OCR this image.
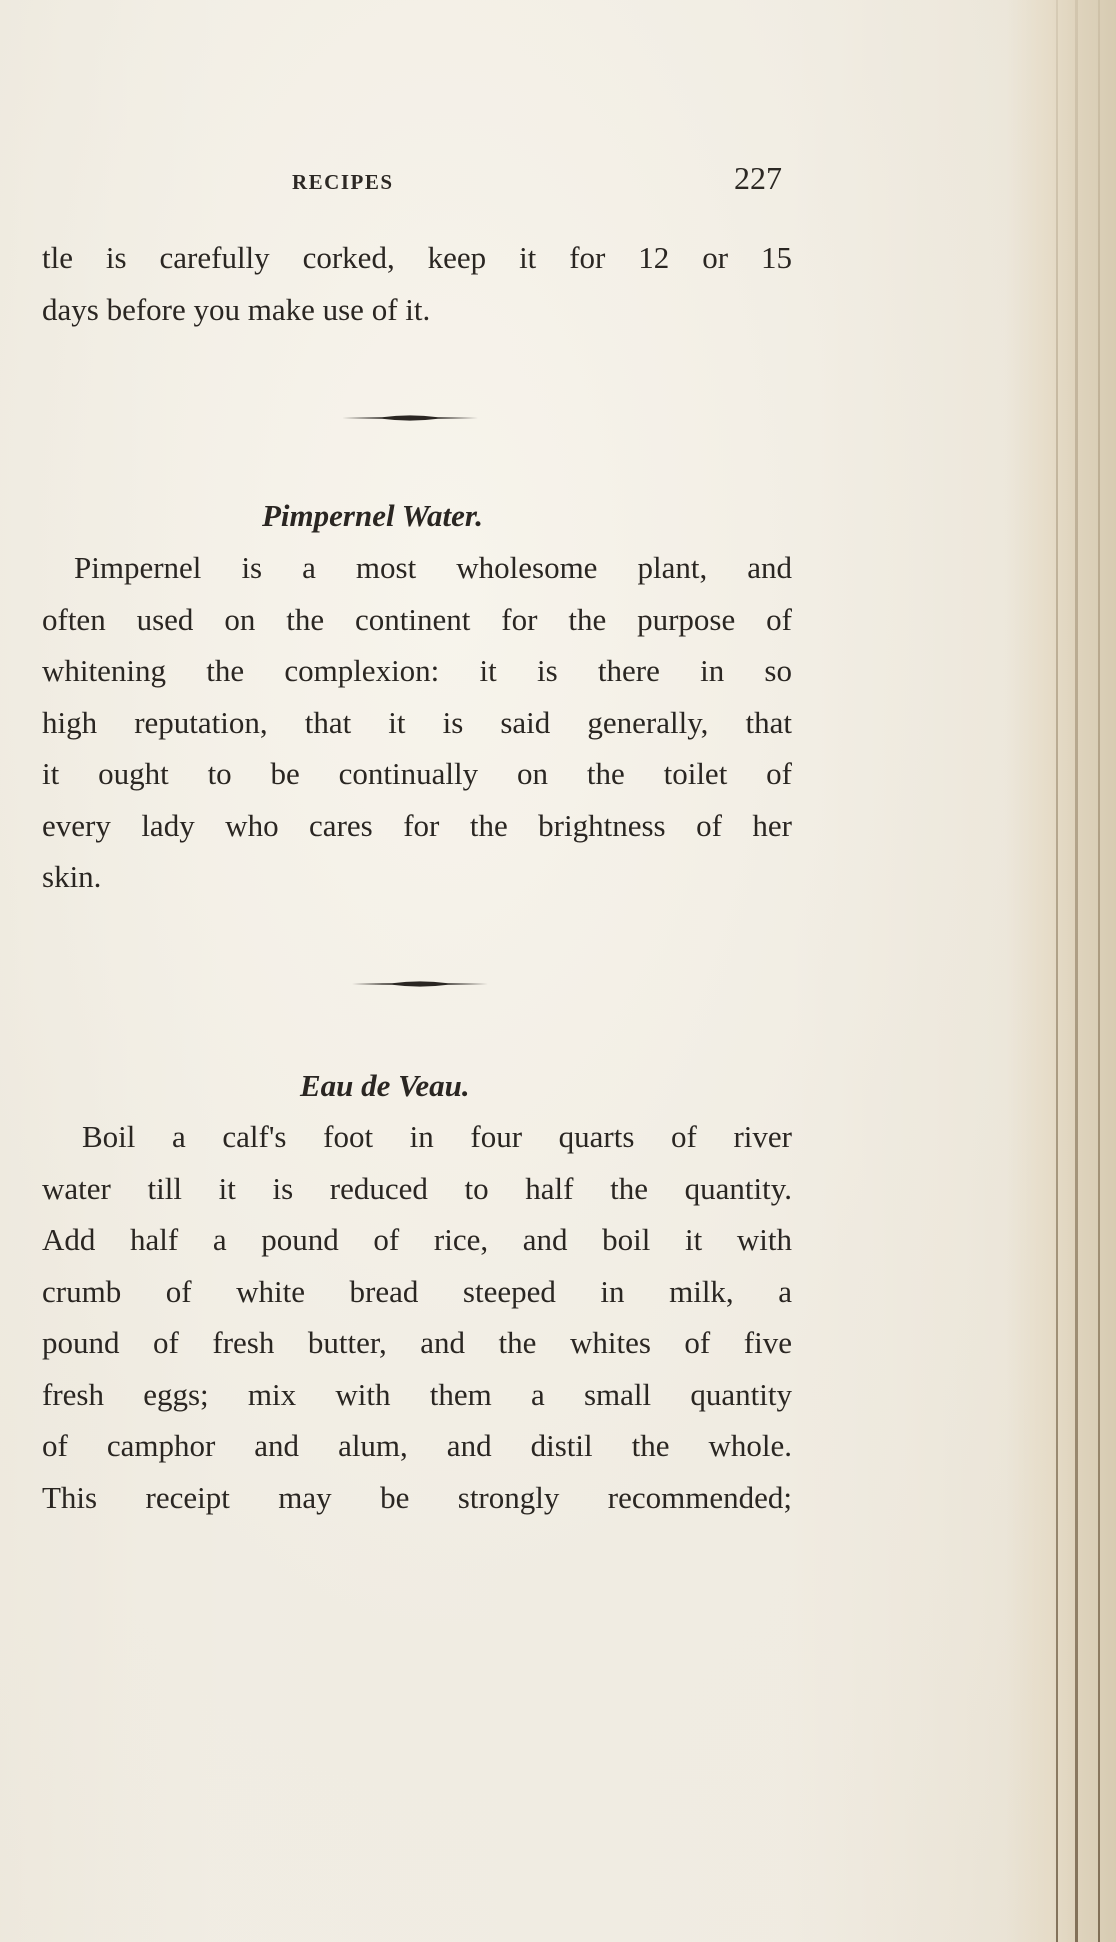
RECIPES	227
tle is carefully corked, keep it for 12 or 15
days before you make use of it.
Pimpernel Water.
Pimpernel is a most wholesome plant, and
often used on the continent for the purpose of
whitening the complexion: it is there in so
high reputation, that it is said generally, that
it ought to be continually on the toilet of
every lady who cares for the brightness of her
skin.
Eau de Veau.
Boil a calf's foot in four quarts of river
water till it is reduced to half the quantity.
Add half a pound of rice, and boil it with
crumb of white bread steeped in milk, a
pound of fresh butter, and the whites of five
fresh eggs; mix with them a small quantity
of camphor and alum, and distil the whole.
This receipt may be strongly recommended;
